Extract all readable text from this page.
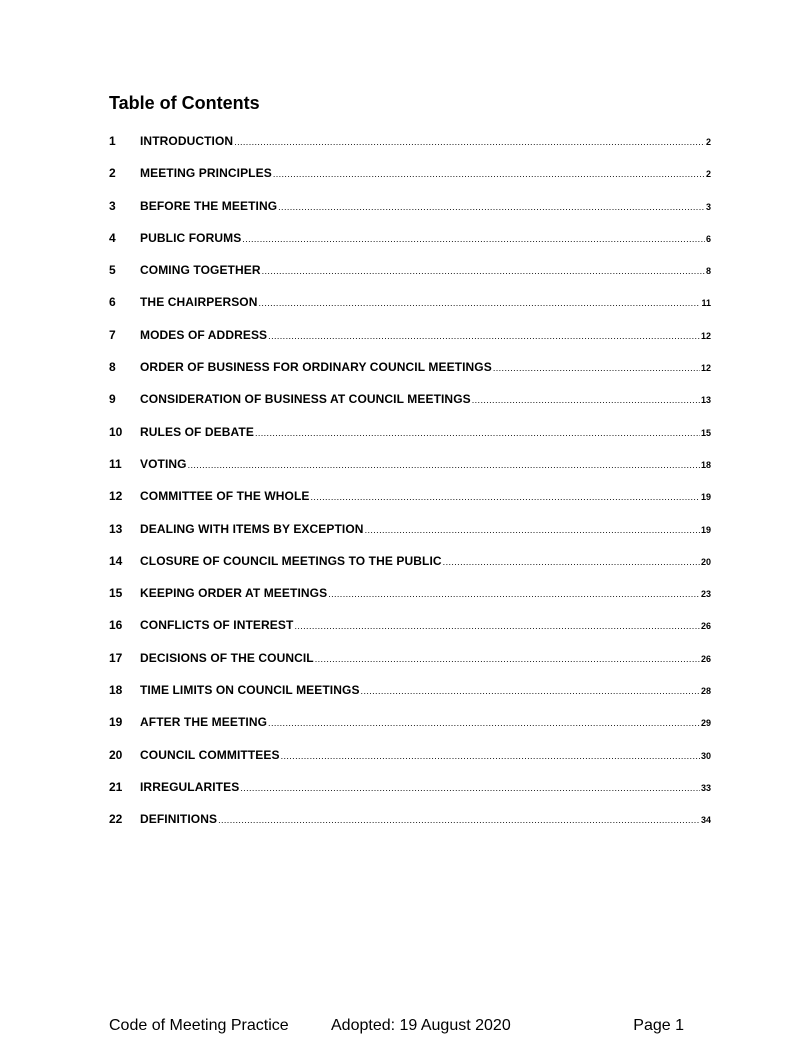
Table of Contents
1	INTRODUCTION .....	2
2	MEETING PRINCIPLES .....	2
3	BEFORE THE MEETING .....	3
4	PUBLIC FORUMS .....	6
5	COMING TOGETHER .....	8
6	THE CHAIRPERSON .....	11
7	MODES OF ADDRESS .....	12
8	ORDER OF BUSINESS FOR ORDINARY COUNCIL MEETINGS .....	12
9	CONSIDERATION OF BUSINESS AT COUNCIL MEETINGS .....	13
10	RULES OF DEBATE .....	15
11	VOTING .....	18
12	COMMITTEE OF THE WHOLE .....	19
13	DEALING WITH ITEMS BY EXCEPTION .....	19
14	CLOSURE OF COUNCIL MEETINGS TO THE PUBLIC .....	20
15	KEEPING ORDER AT MEETINGS .....	23
16	CONFLICTS OF INTEREST .....	26
17	DECISIONS OF THE COUNCIL .....	26
18	TIME LIMITS ON COUNCIL MEETINGS .....	28
19	AFTER THE MEETING .....	29
20	COUNCIL COMMITTEES .....	30
21	IRREGULARITES .....	33
22	DEFINITIONS .....	34
Code of Meeting Practice	Adopted: 19 August 2020	Page 1
